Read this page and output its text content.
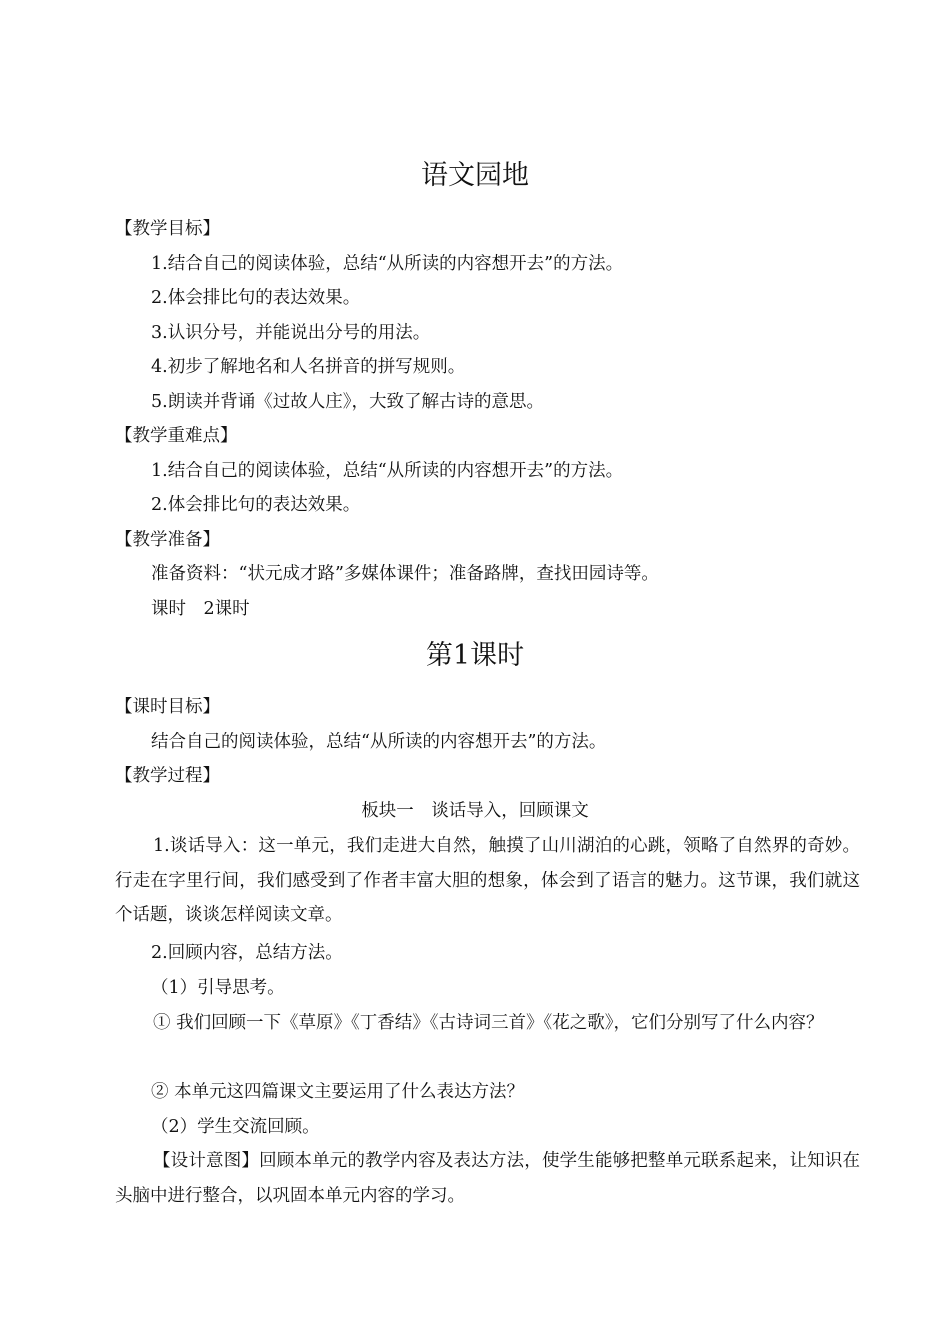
语文园地
【教学目标】
1.结合自己的阅读体验，总结“从所读的内容想开去”的方法。
2.体会排比句的表达效果。
3.认识分号，并能说出分号的用法。
4.初步了解地名和人名拼音的拼写规则。
5.朗读并背诵《过故人庄》，大致了解古诗的意思。
【教学重难点】
1.结合自己的阅读体验，总结“从所读的内容想开去”的方法。
2.体会排比句的表达效果。
【教学准备】
准备资料：“状元成才路”多媒体课件；准备路牌，查找田园诗等。
课时　2课时
第1课时
【课时目标】
结合自己的阅读体验，总结“从所读的内容想开去”的方法。
【教学过程】
板块一　谈话导入，回顾课文
1.谈话导入：这一单元，我们走进大自然，触摸了山川湖泊的心跳，领略了自然界的奇妙。行走在字里行间，我们感受到了作者丰富大胆的想象，体会到了语言的魅力。这节课，我们就这个话题，谈谈怎样阅读文章。
2.回顾内容，总结方法。
（1）引导思考。
① 我们回顾一下《草原》《丁香结》《古诗词三首》《花之歌》，它们分别写了什么内容？
② 本单元这四篇课文主要运用了什么表达方法？
（2）学生交流回顾。
【设计意图】回顾本单元的教学内容及表达方法，使学生能够把整单元联系起来，让知识在头脑中进行整合，以巩固本单元内容的学习。
